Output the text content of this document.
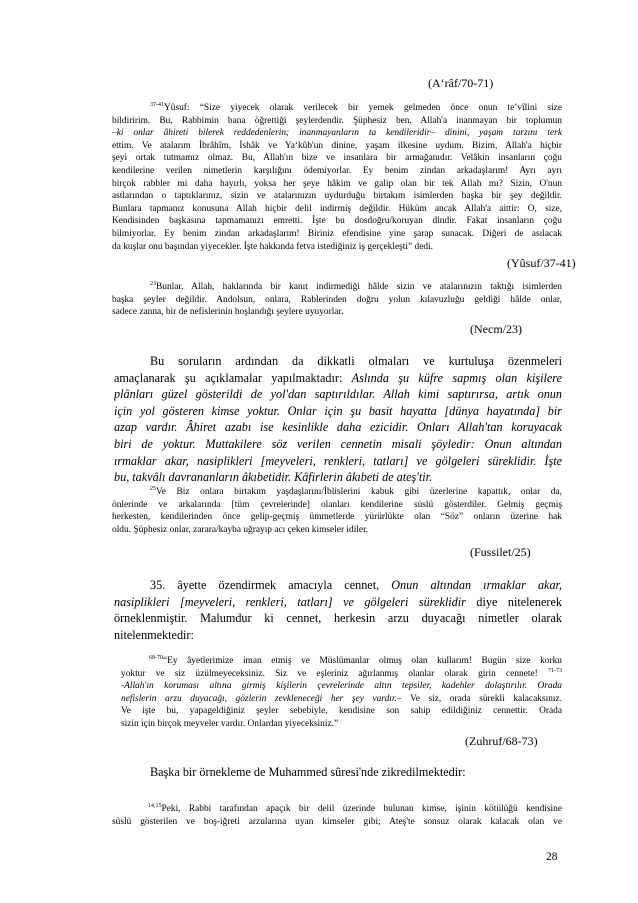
(A‘râf/70-71)
$^{37-41}$Yûsuf: “Size yiyecek olarak verilecek bir yemek gelmeden önce onun te’vîlini size
bildiririm. Bu, Rabbimin bana öğrettiği şeylerdendir. Şüphesiz ben, Allah'a inanmayan bir toplumun
–ki onlar âhireti bilerek reddedenlerin; inanmayanların ta kendileridir– dinini, yaşam tarzını terk
ettim. Ve atalarım İbrâhîm, İshâk ve Ya‘kûb'un dinine, yaşam ilkesine uydum. Bizim, Allah'a hiçbir
şeyi ortak tutmamız olmaz. Bu, Allah'ın bize ve insanlara bir armağanıdır. Velâkin insanların çoğu
kendilerine verilen nimetlerin karşılığını ödemiyorlar. Ey benim zindan arkadaşlarım! Ayrı ayrı
birçok rabbler mi daha hayırlı, yoksa her şeye hâkim ve galip olan bir tek Allah mı? Sizin, O'nun
astlarından o taptıklarınız, sizin ve atalarınızın uydurduğu birtakım isimlerden başka bir şey değildir.
Bunlara tapmanız konusuna Allah hiçbir delil indirmiş değildir. Hüküm ancak Allah'a aittir: O, size,
Kendisinden başkasına tapmamanızı emretti. İşte bu dosdoğru/koruyan dindir. Fakat insanların çoğu
bilmiyorlar. Ey benim zindan arkadaşlarım! Biriniz efendisine yine şarap sunacak. Diğeri de asılacak
da kuşlar onu başından yiyecekler. İşte hakkında fetva istediğiniz iş gerçekleşti” dedi.
(Yûsuf/37-41)
$^{23}$Bunlar, Allah, haklarında bir kanıt indirmediği hâlde sizin ve atalarınızın taktığı isimlerden
başka şeyler değildir. Andolsun, onlara, Rablerinden doğru yolun kılavuzluğu geldiği hâlde onlar,
sadece zanna, bir de nefislerinin hoşlandığı şeylere uyuyorlar.
(Necm/23)
Bu soruların ardından da dikkatli olmaları ve kurtuluşa özenmeleri
amaçlanarak şu açıklamalar yapılmaktadır: Aslında şu küfre sapmış olan kişilere
plânları güzel gösterildi de yol'dan saptırıldılar. Allah kimi saptırırsa, artık onun
için yol gösteren kimse yoktur. Onlar için şu basit hayatta [dünya hayatında] bir
azap vardır. Âhiret azabı ise kesinlikle daha ezicidir. Onları Allah'tan koruyacak
biri de yoktur. Muttakilere söz verilen cennetin misali şöyledir: Onun altından
ırmaklar akar, nasiplikleri [meyveleri, renkleri, tatları] ve gölgeleri süreklidir. İşte
bu, takvâlı davrananların âkıbetidir. Kâfirlerin âkıbeti de ateş'tir.
$^{25}$Ve Biz onlara birtakım yaşdaşlarını/İblislerini kabuk gibi üzerlerine kapattık, onlar da,
önlerinde ve arkalarında [tüm çevrelerinde] olanları kendilerine süslü gösterdiler. Gelmiş geçmiş
herkesten, kendilerinden önce gelip-geçmiş ümmetlerde yürürlükte olan “Söz” onların üzerine hak
oldu. Şüphesiz onlar, zarara/kayba uğrayıp acı çeken kimseler idiler.
(Fussilet/25)
35. âyette özendirmek amacıyla cennet, Onun altından ırmaklar akar,
nasiplikleri [meyveleri, renkleri, tatları] ve gölgeleri süreklidir diye nitelenerek
örneklenmiştir. Malumdur ki cennet, herkesin arzu duyacağı nimetler olarak
nitelenmektedir:
$^{68-70}$“Ey âyetlerimize iman etmiş ve Müslümanlar olmuş olan kullarım! Bugün size korku
yoktur ve siz üzülmeyeceksiniz. Siz ve eşleriniz ağırlanmış olanlar olarak girin cennete! $^{71-73}$
-Allah'ın koruması altına girmiş kişilerin çevrelerinde altın tepsiler, kadehler dolaştırılır. Orada
nefislerin arzu duyacağı, gözlerin zevkleneceği her şey vardır.– Ve siz, orada sürekli kalacaksınız.
Ve işte bu, yapageldiğiniz şeyler sebebiyle, kendisine son sahip edildiğiniz cennettir. Orada
sizin için birçok meyveler vardır. Onlardan yiyeceksiniz.”
(Zuhruf/68-73)
Başka bir örnekleme de Muhammed sûresi'nde zikredilmektedir:
$^{14,15}$Peki, Rabbi tarafından apaçık bir delil üzerinde bulunan kimse, işinin kötülüğü kendisine
süslü gösterilen ve boş-iğreti arzularına uyan kimseler gibi; Ateş'te sonsuz olarak kalacak olan ve
28
